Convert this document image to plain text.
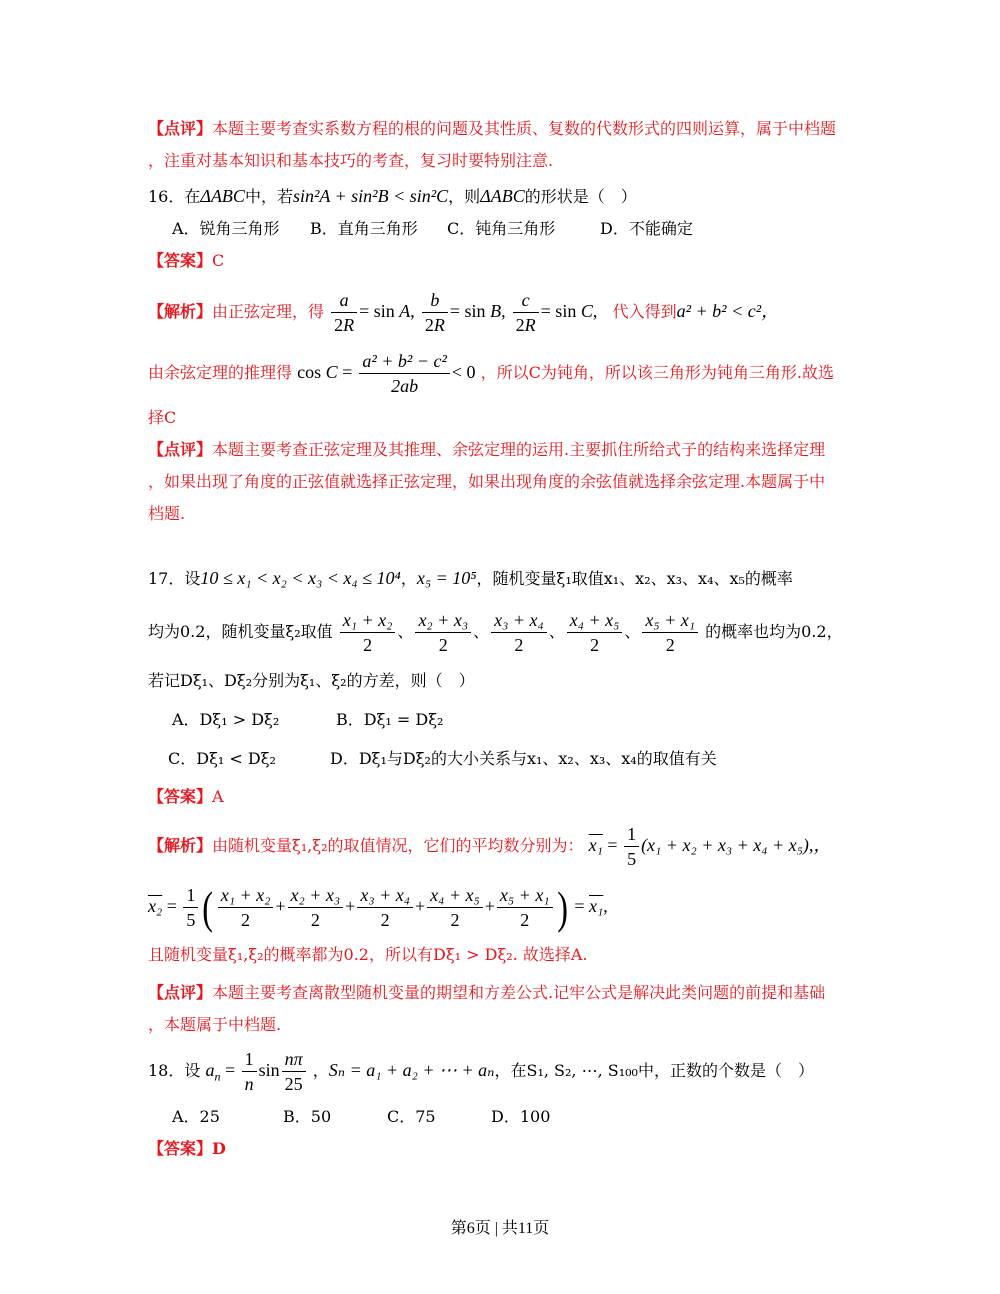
【点评】本题主要考查实系数方程的根的问题及其性质、复数的代数形式的四则运算，属于中档题
，注重对基本知识和基本技巧的考查，复习时要特别注意.
16．在ΔABC中，若sin²A + sin²B < sin²C，则ΔABC的形状是（　）
A．锐角三角形 B．直角三角形 C．钝角三角形	D．不能确定
【答案】C
【解析】由正弦定理，得 $\frac{a}{2R} = \sin A$, $\frac{b}{2R} = \sin B$, $\frac{c}{2R} = \sin C$, 代入得到a² + b² < c²，
由余弦定理的推理得 $\cos C = \frac{\text{a² + b² − c²}}{2ab} < 0$ ，所以C为钝角，所以该三角形为钝角三角形.故选
择C
【点评】本题主要考查正弦定理及其推理、余弦定理的运用.主要抓住所给式子的结构来选择定理
，如果出现了角度的正弦值就选择正弦定理，如果出现角度的余弦值就选择余弦定理.本题属于中
档题.
17．设10 ≤ x₁ < x₂ < x₃ < x₄ ≤ 10⁴，x₅ = 10⁵，随机变量ξ₁取值x₁、x₂、x₃、x₄、x₅的概率
均为0.2，随机变量ξ₂取值 $\frac{\text{x₁ + x₂}}{2}$ 、 $\frac{\text{x₂ + x₃}}{2}$ 、 $\frac{\text{x₃ + x₄}}{2}$ 、 $\frac{\text{x₄ + x₅}}{2}$ 、 $\frac{\text{x₅ + x₁}}{2}$ 的概率也均为0.2，
若记Dξ₁、Dξ₂分别为ξ₁、ξ₂的方差，则（　）
A．Dξ₁ > Dξ₂	B．Dξ₁ = Dξ₂
C．Dξ₁ < Dξ₂	D．Dξ₁与Dξ₂的大小关系与x₁、x₂、x₃、x₄的取值有关
【答案】A
【解析】由随机变量ξ₁,ξ₂的取值情况，它们的平均数分别为： $x_1 = \frac{1}{5} (x_1 + x_2 + x_3 + x_4 + x_5)$,，
$x_2 = \frac{1}{5}$ ( $\frac{\text{x₁ + x₂}}{2} + \frac{\text{x₂ + x₃}}{2} + \frac{\text{x₃ + x₄}}{2} + \frac{\text{x₄ + x₅}}{2} + \frac{\text{x₅ + x₁}}{2}$ ) = x₁,
且随机变量ξ₁,ξ₂的概率都为0.2，所以有Dξ₁ > Dξ₂. 故选择A.
【点评】本题主要考查离散型随机变量的期望和方差公式.记牢公式是解决此类问题的前提和基础
，本题属于中档题.
18．设 $a_n = \frac{1}{n}$ $\sin \frac{n\pi}{25}$ ，Sₙ = a₁ + a₂ + ⋯ + aₙ，在S₁, S₂, ⋯, S₁₀₀中，正数的个数是（　）
A．25	B．50	C．75	D．100
【答案】D
第6页 | 共11页
